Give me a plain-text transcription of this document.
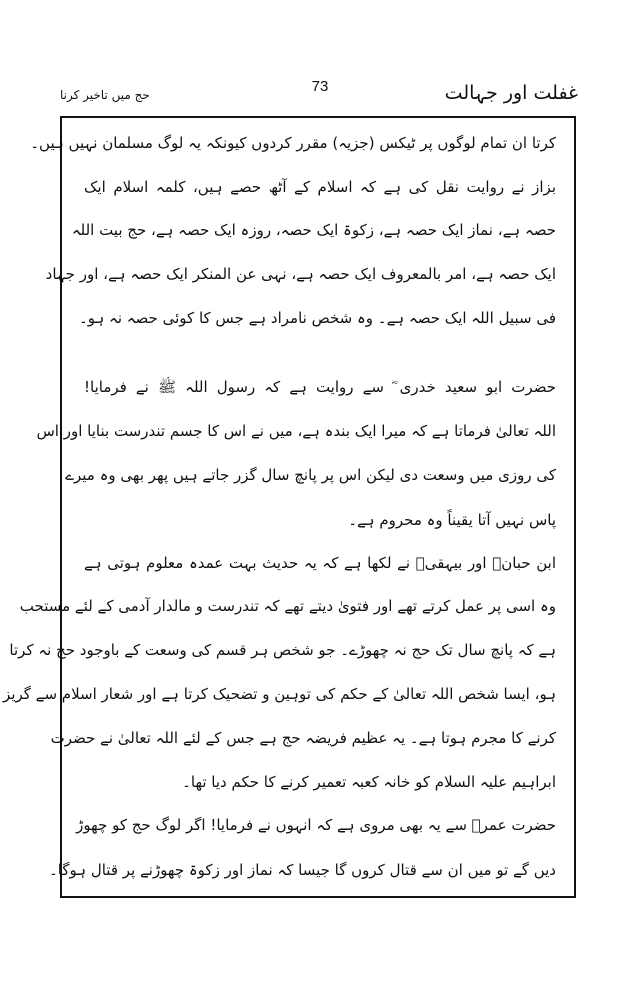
حج میں تاخیر کرنا	73	غفلت اور جہالت
کرتا ان تمام لوگوں پر ٹیکس (جزیہ) مقرر کردوں کیونکہ یہ لوگ مسلمان نہیں ہیں۔
بزاز نے روایت نقل کی ہے کہ اسلام کے آٹھ حصے ہیں، کلمہ اسلام ایک
حصہ ہے، نماز ایک حصہ ہے، زکوۃ ایک حصہ، روزہ ایک حصہ ہے، حج بیت اللہ
ایک حصہ ہے، امر بالمعروف ایک حصہ ہے، نہی عن المنکر ایک حصہ ہے، اور جہاد
فی سبیل اللہ ایک حصہ ہے۔ وہ شخص نامراد ہے جس کا کوئی حصہ نہ ہو۔
حضرت ابو سعید خدری ؓ سے روایت ہے کہ رسول اللہ ﷺ نے فرمایا!
اللہ تعالیٰ فرماتا ہے کہ میرا ایک بندہ ہے، میں نے اس کا جسم تندرست بنایا اور اس
کی روزی میں وسعت دی لیکن اس پر پانچ سال گزر جاتے ہیں پھر بھی وہ میرے
پاس نہیں آتا یقیناً وہ محروم ہے۔
ابن حبانؒ اور بیہقیؒ نے لکھا ہے کہ یہ حدیث بہت عمدہ معلوم ہوتی ہے
وہ اسی پر عمل کرتے تھے اور فتویٰ دیتے تھے کہ تندرست و مالدار آدمی کے لئے مستحب
ہے کہ پانچ سال تک حج نہ چھوڑے۔ جو شخص ہر قسم کی وسعت کے باوجود حج نہ کرتا
ہو، ایسا شخص اللہ تعالیٰ کے حکم کی توہین و تضحیک کرتا ہے اور شعار اسلام سے گریز
کرنے کا مجرم ہوتا ہے۔ یہ عظیم فریضہ حج ہے جس کے لئے اللہ تعالیٰ نے حضرت
ابراہیم علیہ السلام کو خانہ کعبہ تعمیر کرنے کا حکم دیا تھا۔
حضرت عمرؓ سے یہ بھی مروی ہے کہ انہوں نے فرمایا! اگر لوگ حج کو چھوڑ
دیں گے تو میں ان سے قتال کروں گا جیسا کہ نماز اور زکوۃ چھوڑنے پر قتال ہوگا۔
